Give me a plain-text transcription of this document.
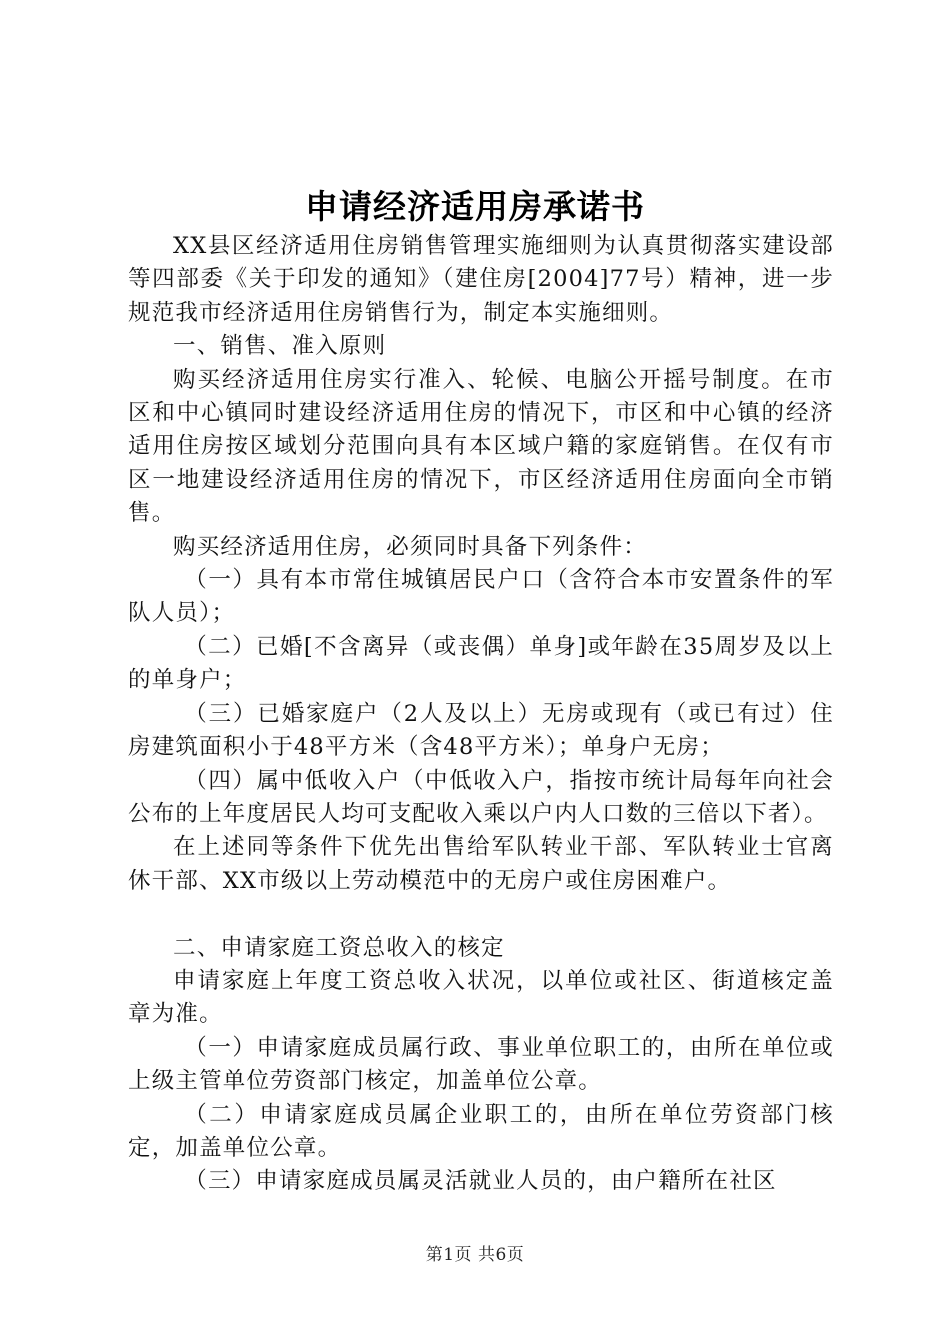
申请经济适用房承诺书

XX县区经济适用住房销售管理实施细则为认真贯彻落实建设部等四部委《关于印发的通知》（建住房[2004]77号）精神，进一步规范我市经济适用住房销售行为，制定本实施细则。

一、销售、准入原则

购买经济适用住房实行准入、轮候、电脑公开摇号制度。在市区和中心镇同时建设经济适用住房的情况下，市区和中心镇的经济适用住房按区域划分范围向具有本区域户籍的家庭销售。在仅有市区一地建设经济适用住房的情况下，市区经济适用住房面向全市销售。

购买经济适用住房，必须同时具备下列条件：

（一）具有本市常住城镇居民户口（含符合本市安置条件的军队人员）；

（二）已婚[不含离异（或丧偶）单身]或年龄在35周岁及以上的单身户；

（三）已婚家庭户（2人及以上）无房或现有（或已有过）住房建筑面积小于48平方米（含48平方米）；单身户无房；

（四）属中低收入户（中低收入户，指按市统计局每年向社会公布的上年度居民人均可支配收入乘以户内人口数的三倍以下者）。

在上述同等条件下优先出售给军队转业干部、军队转业士官离休干部、XX市级以上劳动模范中的无房户或住房困难户。

二、申请家庭工资总收入的核定

申请家庭上年度工资总收入状况，以单位或社区、街道核定盖章为准。

（一）申请家庭成员属行政、事业单位职工的，由所在单位或上级主管单位劳资部门核定，加盖单位公章。

（二）申请家庭成员属企业职工的，由所在单位劳资部门核定，加盖单位公章。

（三）申请家庭成员属灵活就业人员的，由户籍所在社区

第1页 共6页
